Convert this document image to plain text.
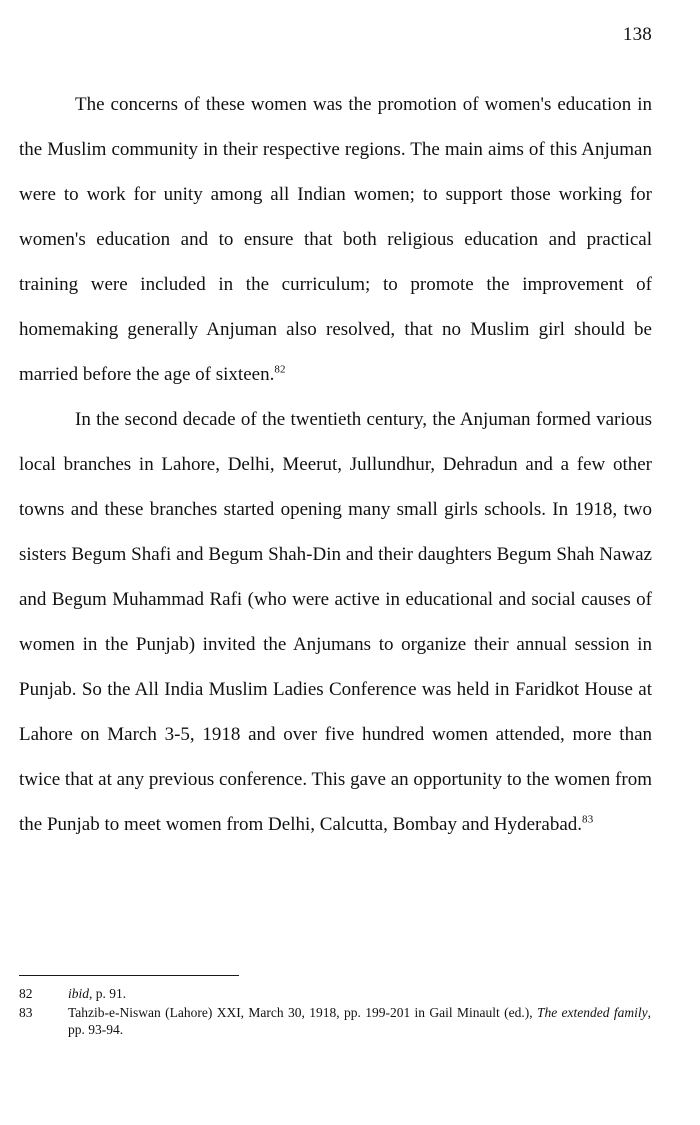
138

The concerns of these women was the promotion of women's education in the Muslim community in their respective regions. The main aims of this Anjuman were to work for unity among all Indian women; to support those working for women's education and to ensure that both religious education and practical training were included in the curriculum; to promote the improvement of homemaking generally Anjuman also resolved, that no Muslim girl should be married before the age of sixteen.$^{82}$

In the second decade of the twentieth century, the Anjuman formed various local branches in Lahore, Delhi, Meerut, Jullundhur, Dehradun and a few other towns and these branches started opening many small girls schools. In 1918, two sisters Begum Shafi and Begum Shah-Din and their daughters Begum Shah Nawaz and Begum Muhammad Rafi (who were active in educational and social causes of women in the Punjab) invited the Anjumans to organize their annual session in Punjab. So the All India Muslim Ladies Conference was held in Faridkot House at Lahore on March 3-5, 1918 and over five hundred women attended, more than twice that at any previous conference. This gave an opportunity to the women from the Punjab to meet women from Delhi, Calcutta, Bombay and Hyderabad.$^{83}$

82	ibid, p. 91.
83	Tahzib-e-Niswan (Lahore) XXI, March 30, 1918, pp. 199-201 in Gail Minault (ed.), The extended family, pp. 93-94.
